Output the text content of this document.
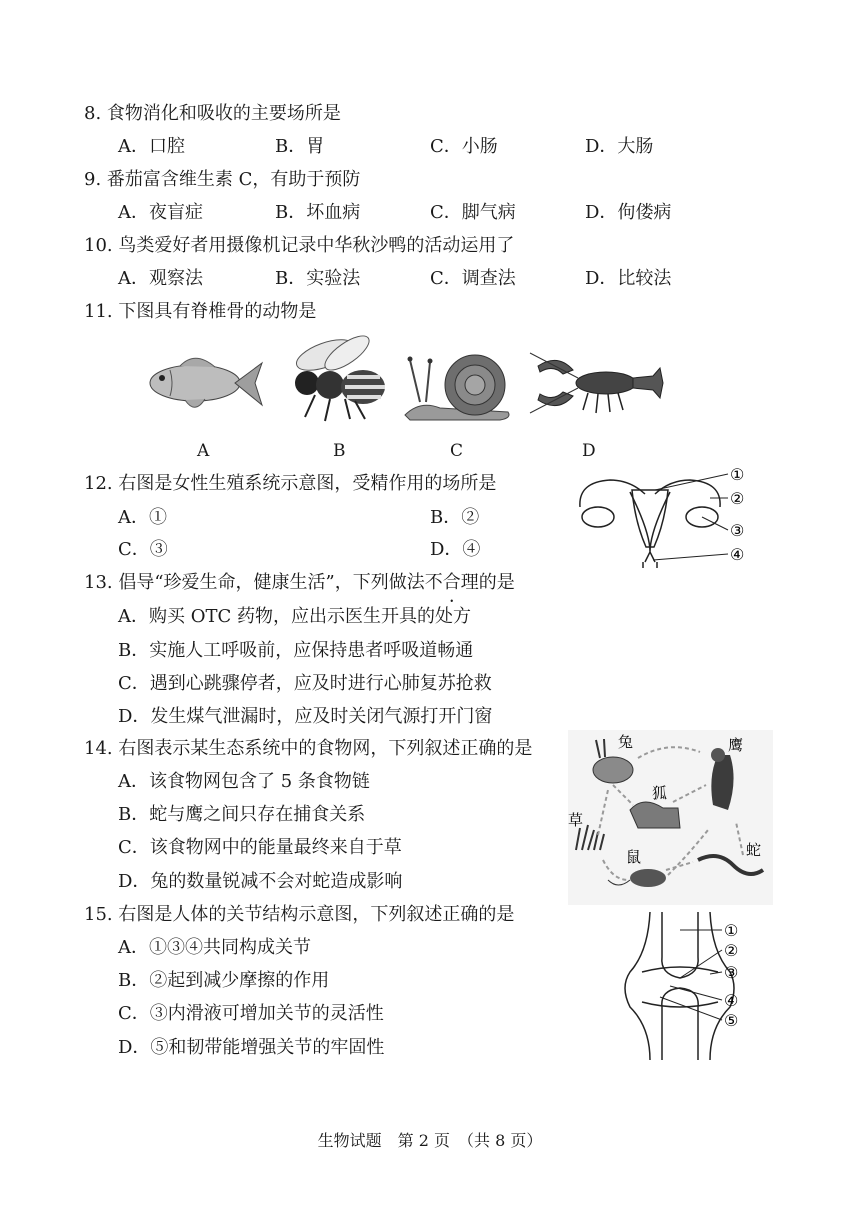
8. 食物消化和吸收的主要场所是
A．口腔	B．胃	C．小肠	D．大肠
9. 番茄富含维生素 C，有助于预防
A．夜盲症	B．坏血病	C．脚气病	D．佝偻病
10. 鸟类爱好者用摄像机记录中华秋沙鸭的活动运用了
A．观察法	B．实验法	C．调查法	D．比较法
11. 下图具有脊椎骨的动物是
A	B	C	D
12. 右图是女性生殖系统示意图，受精作用的场所是
A．①	B．②
C．③	D．④
①
②
③
④
13. 倡导“珍爱生命，健康生活”，下列做法不合理的是
A．购买 OTC 药物，应出示医生开具的处方
B．实施人工呼吸前，应保持患者呼吸道畅通
C．遇到心跳骤停者，应及时进行心肺复苏抢救
D．发生煤气泄漏时，应及时关闭气源打开门窗
14. 右图表示某生态系统中的食物网，下列叙述正确的是
A．该食物网包含了 5 条食物链
B．蛇与鹰之间只存在捕食关系
C．该食物网中的能量最终来自于草
D．兔的数量锐减不会对蛇造成影响
兔	鹰
狐
草
鼠	蛇
15. 右图是人体的关节结构示意图，下列叙述正确的是
A．①③④共同构成关节
B．②起到减少摩擦的作用
C．③内滑液可增加关节的灵活性
D．⑤和韧带能增强关节的牢固性
①
②
③
④
⑤
生物试题　第 2 页　（共 8 页）
